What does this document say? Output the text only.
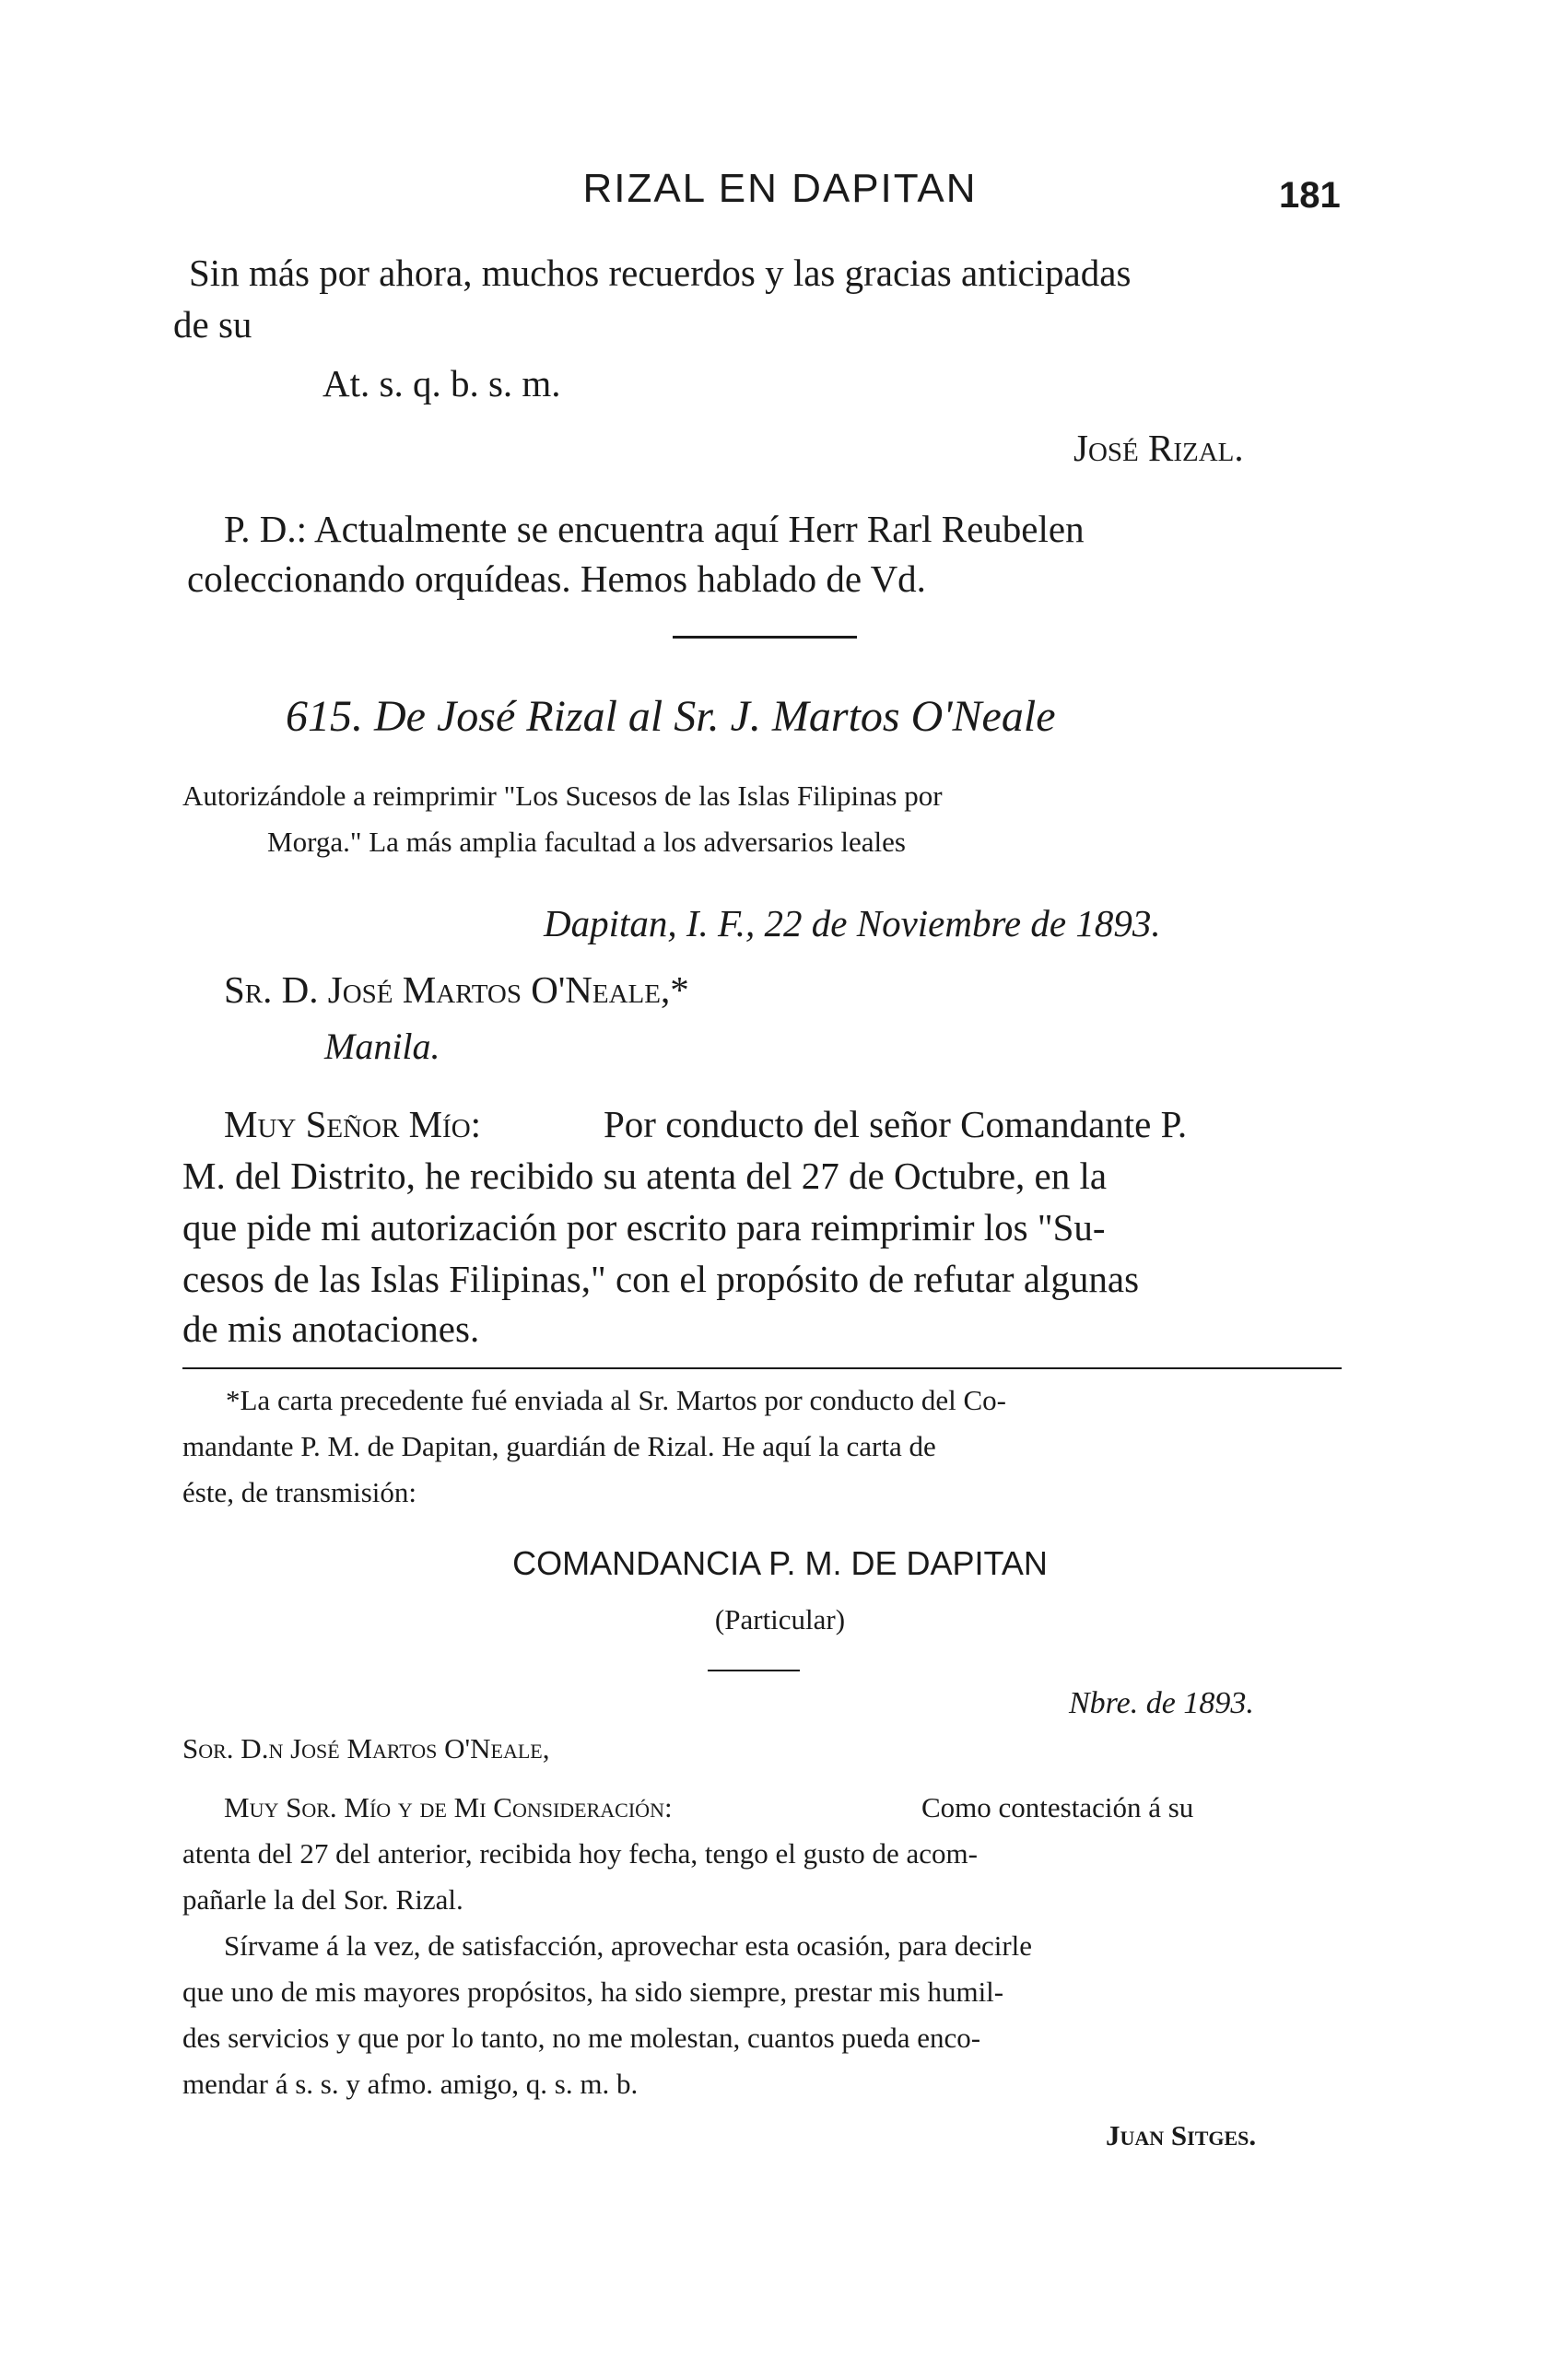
RIZAL EN DAPITAN	181
Sin más por ahora, muchos recuerdos y las gracias anticipadas
de su
At. s. q. b. s. m.
José Rizal.
P. D.: Actualmente se encuentra aquí Herr Rarl Reubelen
coleccionando orquídeas. Hemos hablado de Vd.
615. De José Rizal al Sr. J. Martos O'Neale
Autorizándole a reimprimir "Los Sucesos de las Islas Filipinas por
Morga." La más amplia facultad a los adversarios leales
Dapitan, I. F., 22 de Noviembre de 1893.
Sr. D. José Martos O'Neale,*
Manila.
Muy Señor Mío:	Por conducto del señor Comandante P.
M. del Distrito, he recibido su atenta del 27 de Octubre, en la
que pide mi autorización por escrito para reimprimir los "Su-
cesos de las Islas Filipinas," con el propósito de refutar algunas
de mis anotaciones.
*La carta precedente fué enviada al Sr. Martos por conducto del Co-
mandante P. M. de Dapitan, guardián de Rizal. He aquí la carta de
éste, de transmisión:
COMANDANCIA P. M. DE DAPITAN
(Particular)
Nbre. de 1893.
Sor. D.n José Martos O'Neale,
Muy Sor. Mío y de Mi Consideración:	Como contestación á su
atenta del 27 del anterior, recibida hoy fecha, tengo el gusto de acom-
pañarle la del Sor. Rizal.
Sírvame á la vez, de satisfacción, aprovechar esta ocasión, para decirle
que uno de mis mayores propósitos, ha sido siempre, prestar mis humil-
des servicios y que por lo tanto, no me molestan, cuantos pueda enco-
mendar á s. s. y afmo. amigo, q. s. m. b.
Juan Sitges.
